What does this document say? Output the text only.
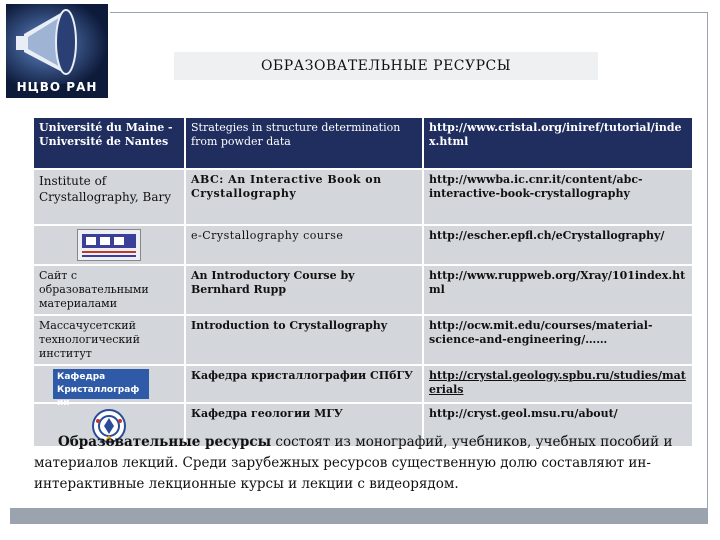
НЦВО РАН
ОБРАЗОВАТЕЛЬНЫЕ РЕСУРСЫ
Université du Maine - Université de Nantes	Strategies in structure determination from powder data	http://www.cristal.org/iniref/tutorial/index.html
Institute of Crystallography, Bary	ABC: An Interactive Book on Crystallography	http://wwwba.ic.cnr.it/content/abc-interactive-book-crystallography

	e-Crystallography course	http://escher.epfl.ch/eCrystallography/
Сайт с образовательными материалами	An Introductory Course by Bernhard Rupp	http://www.ruppweb.org/Xray/101index.html
Массачусетский технологический институт	Introduction to Crystallography	http://ocw.mit.edu/courses/material-science-and-engineering/……

Кафедра Кристаллографии	Кафедра кристаллографии СПбГУ	http://crystal.geology.spbu.ru/studies/materials

	Кафедра геологии МГУ	http://cryst.geol.msu.ru/about/
Образовательные ресурсы состоят из монографий, учебников, учебных пособий и материалов лекций. Среди зарубежных ресурсов существенную долю составляют ин- интерактивные лекционные курсы и лекции с видеорядом.
